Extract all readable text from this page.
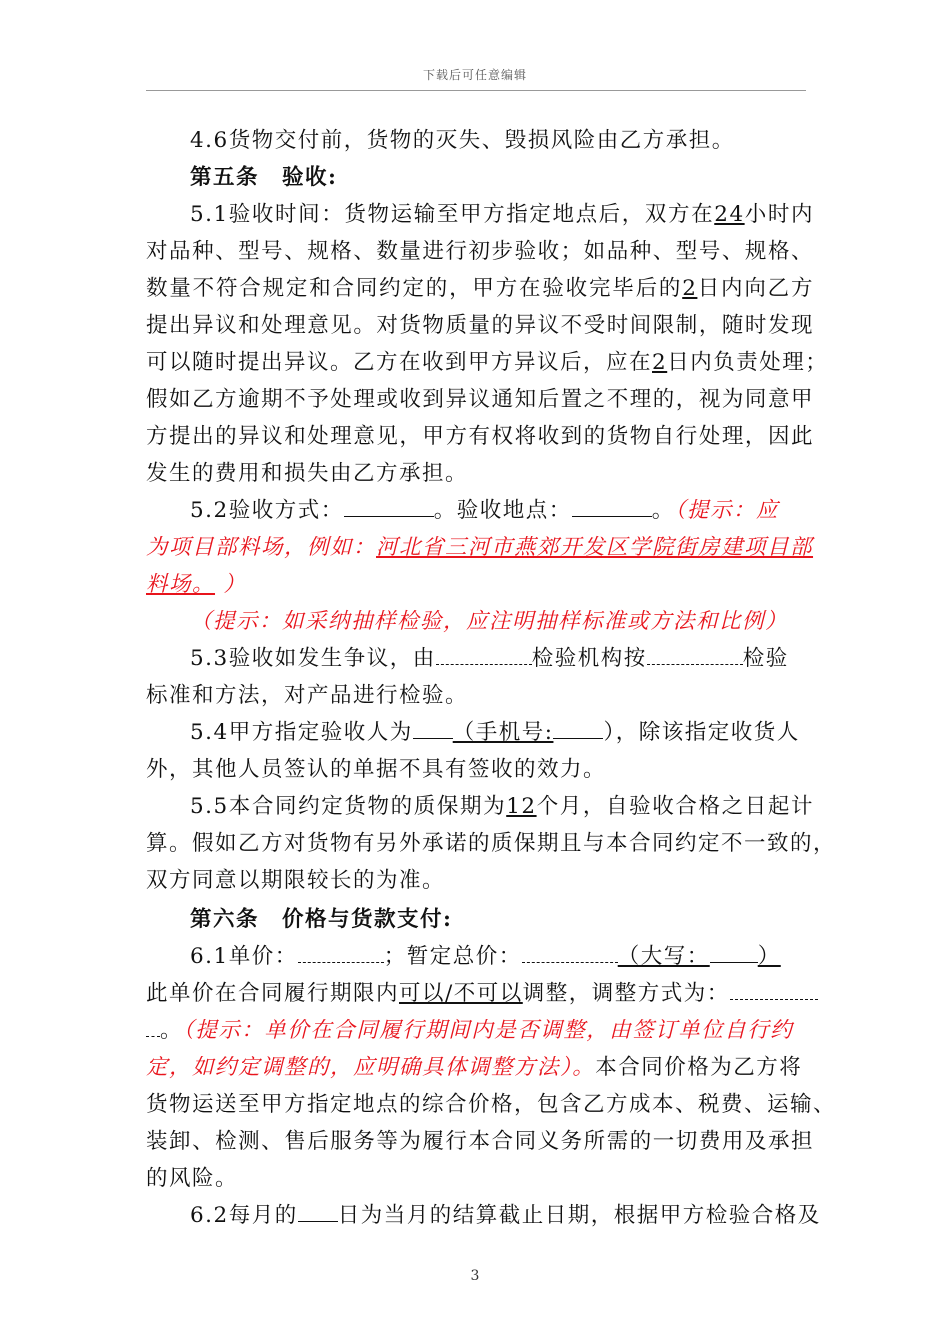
下载后可任意编辑
4.6货物交付前，货物的灭失、毁损风险由乙方承担。
第五条　验收:
5.1验收时间：货物运输至甲方指定地点后，双方在24小时内
对品种、型号、规格、数量进行初步验收；如品种、型号、规格、
数量不符合规定和合同约定的，甲方在验收完毕后的2日内向乙方
提出异议和处理意见。对货物质量的异议不受时间限制，随时发现
可以随时提出异议。乙方在收到甲方异议后，应在2日内负责处理；
假如乙方逾期不予处理或收到异议通知后置之不理的，视为同意甲
方提出的异议和处理意见，甲方有权将收到的货物自行处理，因此
发生的费用和损失由乙方承担。
5.2验收方式：	。验收地点：	。（提示：应
为项目部料场，例如：河北省三河市燕郊开发区学院街房建项目部
料场。 ）
（提示：如采纳抽样检验，应注明抽样标准或方法和比例）
5.3验收如发生争议，由	检验机构按	检验
标准和方法，对产品进行检验。
5.4甲方指定验收人为 （手机号: ），除该指定收货人
外，其他人员签认的单据不具有签收的效力。
5.5本合同约定货物的质保期为12个月，自验收合格之日起计
算。假如乙方对货物有另外承诺的质保期且与本合同约定不一致的，
双方同意以期限较长的为准。
第六条　价格与货款支付:
6.1单价：	；暂定总价：	（大写： ）
此单价在合同履行期限内可以/不可以调整，调整方式为：
。（提示：单价在合同履行期间内是否调整，由签订单位自行约
定，如约定调整的，应明确具体调整方法）。本合同价格为乙方将
货物运送至甲方指定地点的综合价格，包含乙方成本、税费、运输、
装卸、检测、售后服务等为履行本合同义务所需的一切费用及承担
的风险。
6.2每月的 日为当月的结算截止日期，根据甲方检验合格及
3
